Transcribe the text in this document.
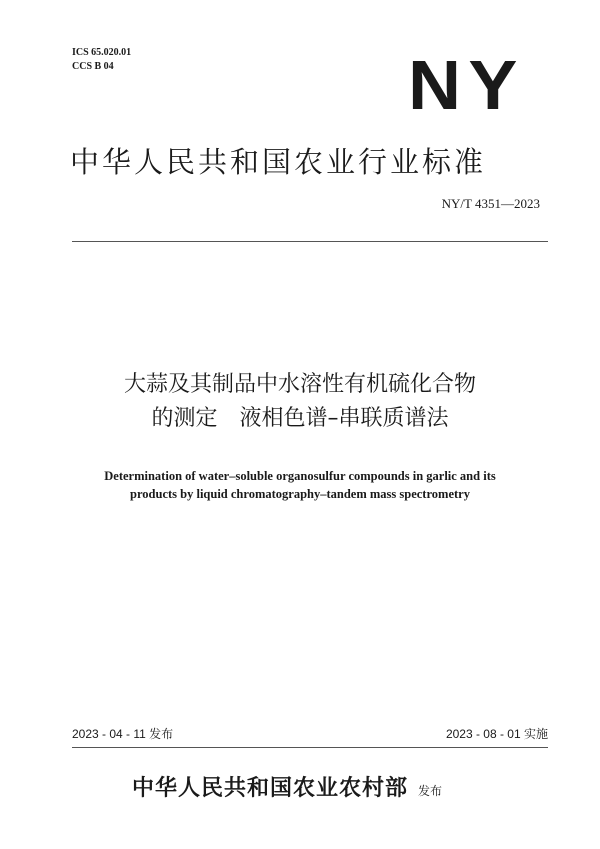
ICS 65.020.01
CCS B 04	NY
中华人民共和国农业行业标准
NY/T 4351—2023
大蒜及其制品中水溶性有机硫化合物
的测定　液相色谱–串联质谱法
Determination of water–soluble organosulfur compounds in garlic and its
products by liquid chromatography–tandem mass spectrometry
2023 - 04 - 11 发布	2023 - 08 - 01 实施
中华人民共和国农业农村部 发布
